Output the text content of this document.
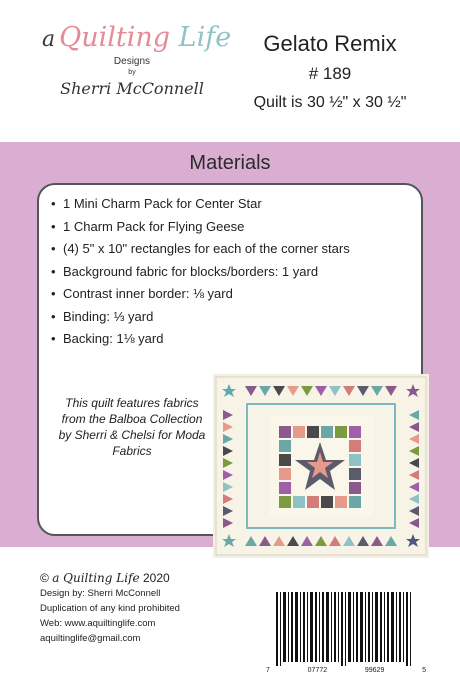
a Quilting Life
Designs
by
Sherri McConnell
Gelato Remix
# 189
Quilt is 30 ½" x 30 ½"
Materials
• 1 Mini Charm Pack for Center Star
• 1 Charm Pack for Flying Geese
• (4) 5" x 10" rectangles for each of the corner stars
• Background fabric for blocks/borders: 1 yard
• Contrast inner border: ⅛ yard
• Binding: ⅓ yard
• Backing: 1⅛ yard
This quilt features fabrics from the Balboa Collection by Sherri & Chelsi for Moda Fabrics
© a Quilting Life 2020
Design by: Sherri McConnell
Duplication of any kind prohibited
Web: www.aquiltinglife.com
aquiltinglife@gmail.com
7	07772	99629	5
